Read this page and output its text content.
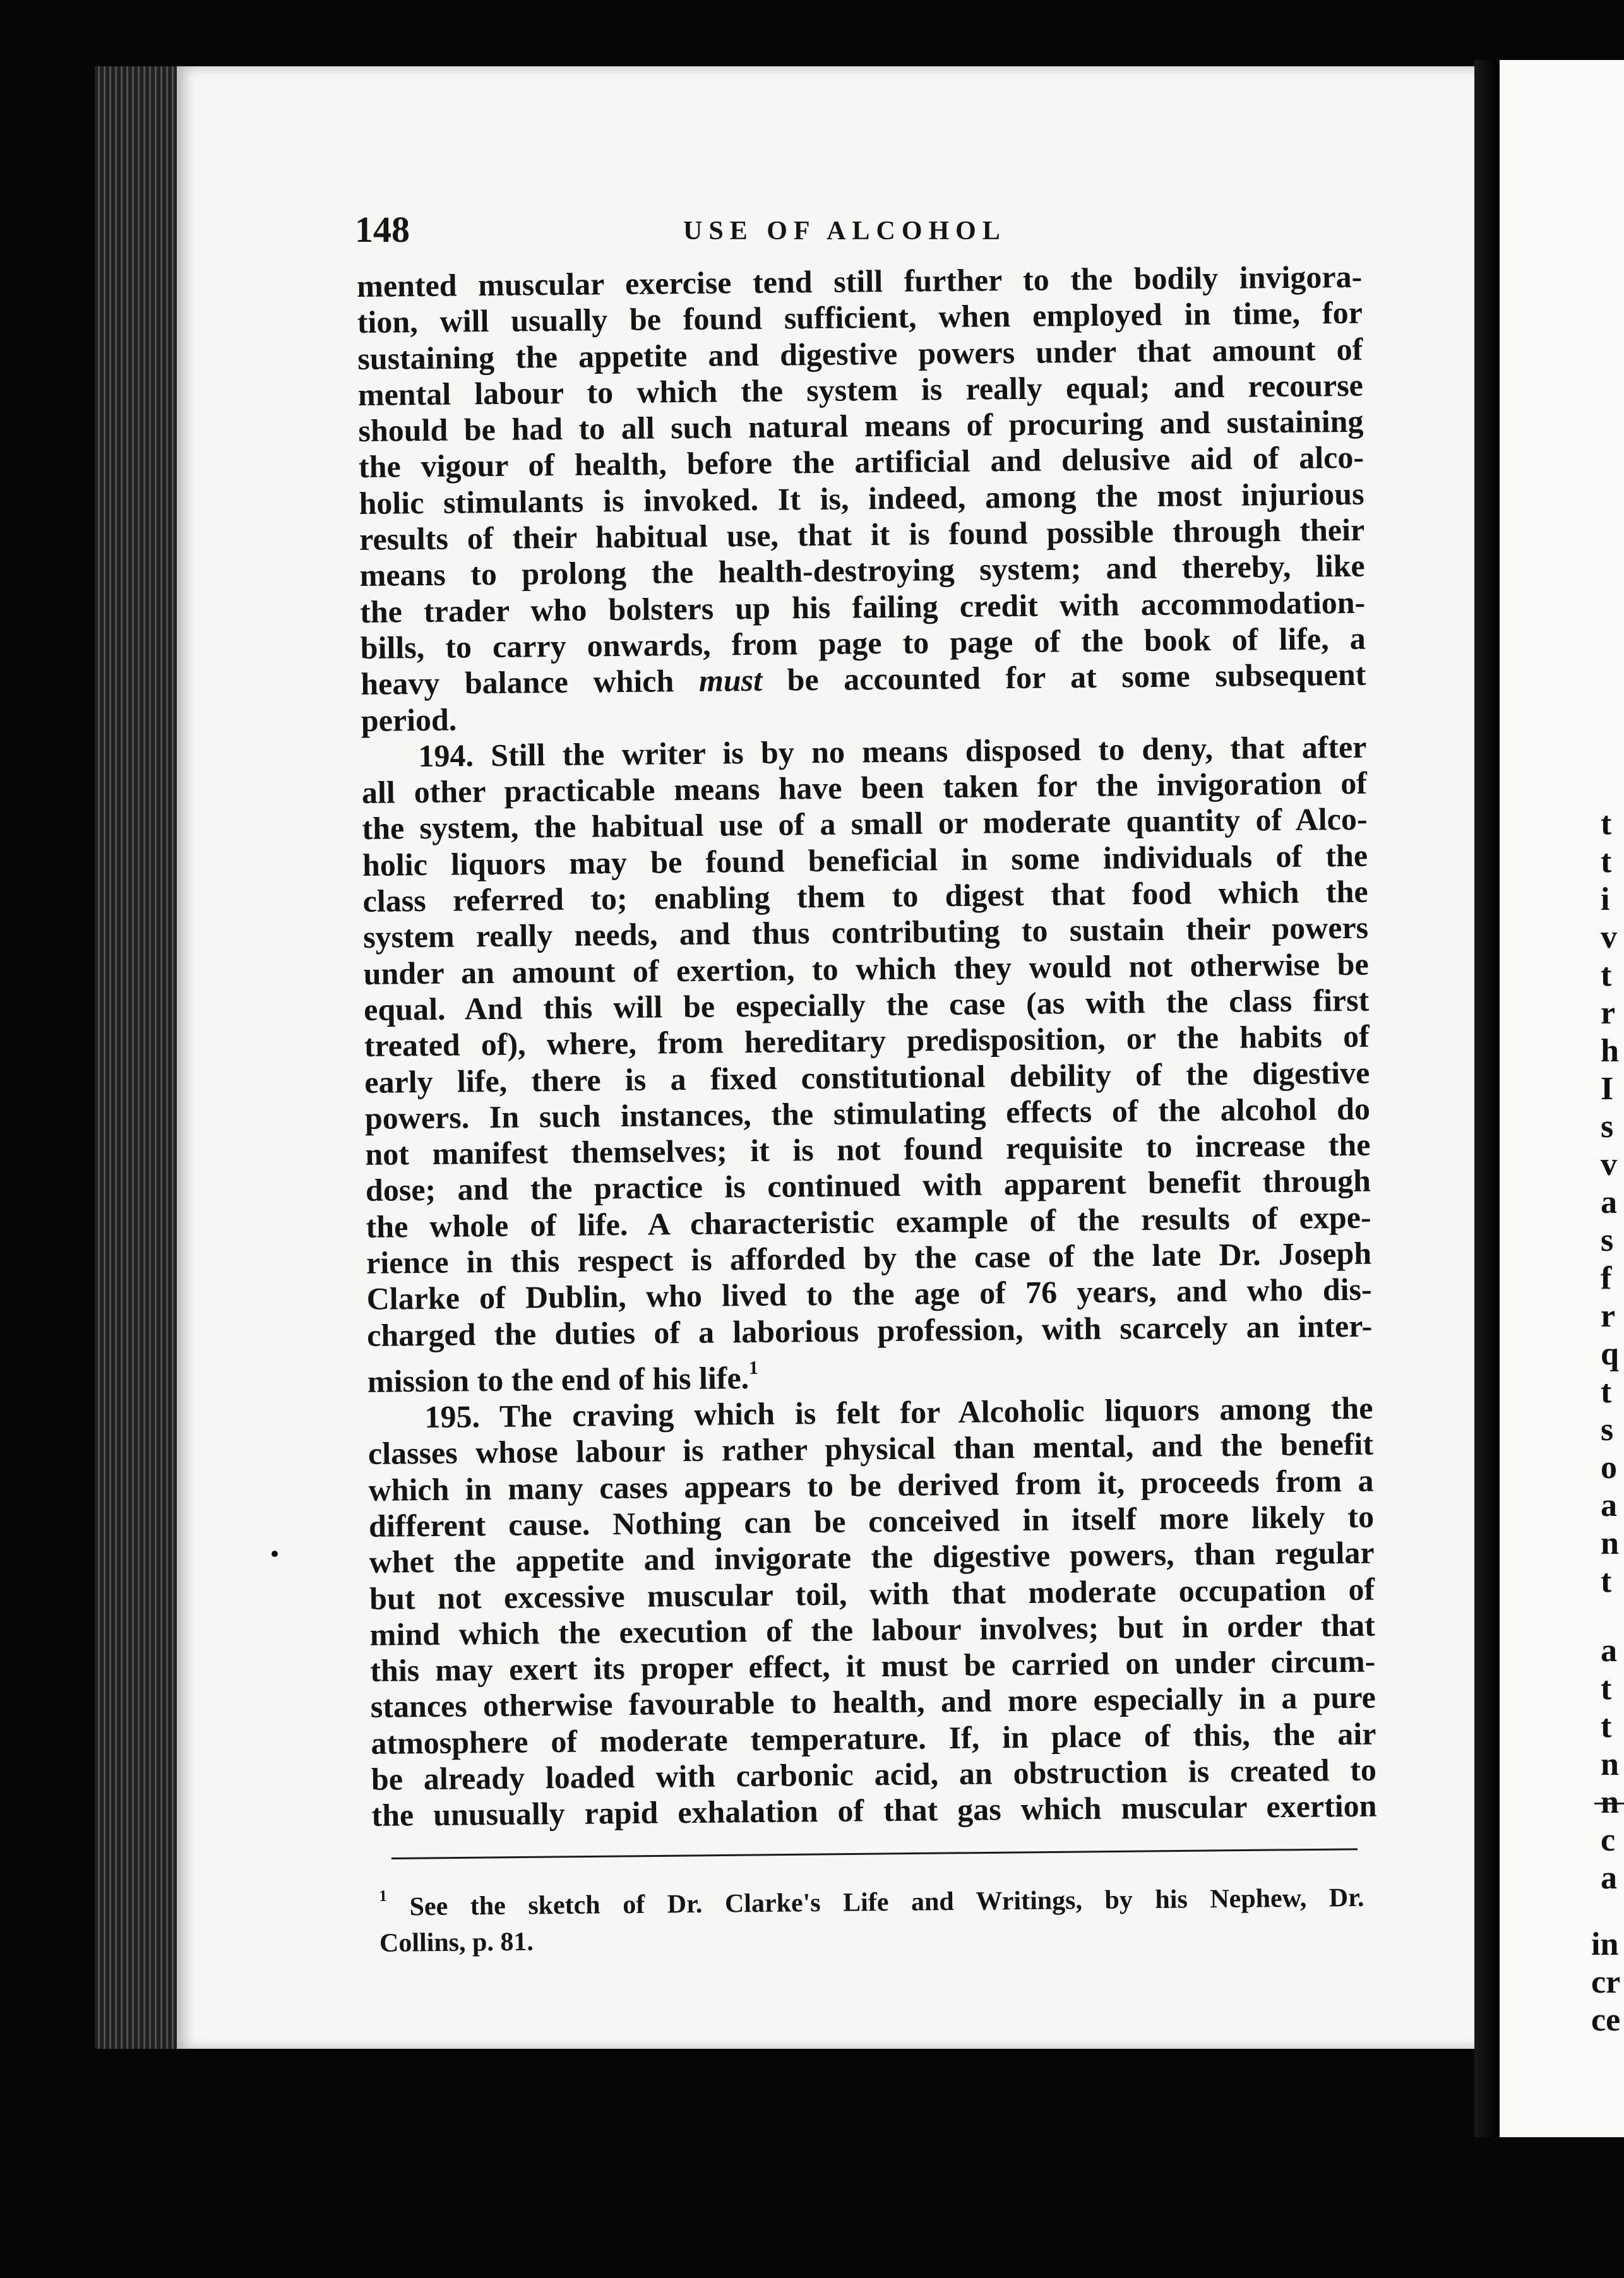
t
t
i
v
t
r
h
I
s
v
a
s
f
r
q
t
s
o
a
n
t
a
t
t
n
n
c
a
in
cr
ce
148	USE OF ALCOHOL
mented muscular exercise tend still further to the bodily invigora-
tion, will usually be found sufficient, when employed in time, for
sustaining the appetite and digestive powers under that amount of
mental labour to which the system is really equal; and recourse
should be had to all such natural means of procuring and sustaining
the vigour of health, before the artificial and delusive aid of alco-
holic stimulants is invoked. It is, indeed, among the most injurious
results of their habitual use, that it is found possible through their
means to prolong the health-destroying system; and thereby, like
the trader who bolsters up his failing credit with accommodation-
bills, to carry onwards, from page to page of the book of life, a
heavy balance which must be accounted for at some subsequent
period.
194. Still the writer is by no means disposed to deny, that after
all other practicable means have been taken for the invigoration of
the system, the habitual use of a small or moderate quantity of Alco-
holic liquors may be found beneficial in some individuals of the
class referred to; enabling them to digest that food which the
system really needs, and thus contributing to sustain their powers
under an amount of exertion, to which they would not otherwise be
equal. And this will be especially the case (as with the class first
treated of), where, from hereditary predisposition, or the habits of
early life, there is a fixed constitutional debility of the digestive
powers. In such instances, the stimulating effects of the alcohol do
not manifest themselves; it is not found requisite to increase the
dose; and the practice is continued with apparent benefit through
the whole of life. A characteristic example of the results of expe-
rience in this respect is afforded by the case of the late Dr. Joseph
Clarke of Dublin, who lived to the age of 76 years, and who dis-
charged the duties of a laborious profession, with scarcely an inter-
mission to the end of his life.$^1$
195. The craving which is felt for Alcoholic liquors among the
classes whose labour is rather physical than mental, and the benefit
which in many cases appears to be derived from it, proceeds from a
different cause. Nothing can be conceived in itself more likely to
whet the appetite and invigorate the digestive powers, than regular
but not excessive muscular toil, with that moderate occupation of
mind which the execution of the labour involves; but in order that
this may exert its proper effect, it must be carried on under circum-
stances otherwise favourable to health, and more especially in a pure
atmosphere of moderate temperature. If, in place of this, the air
be already loaded with carbonic acid, an obstruction is created to
the unusually rapid exhalation of that gas which muscular exertion
$^1$ See the sketch of Dr. Clarke's Life and Writings, by his Nephew, Dr.
Collins, p. 81.
